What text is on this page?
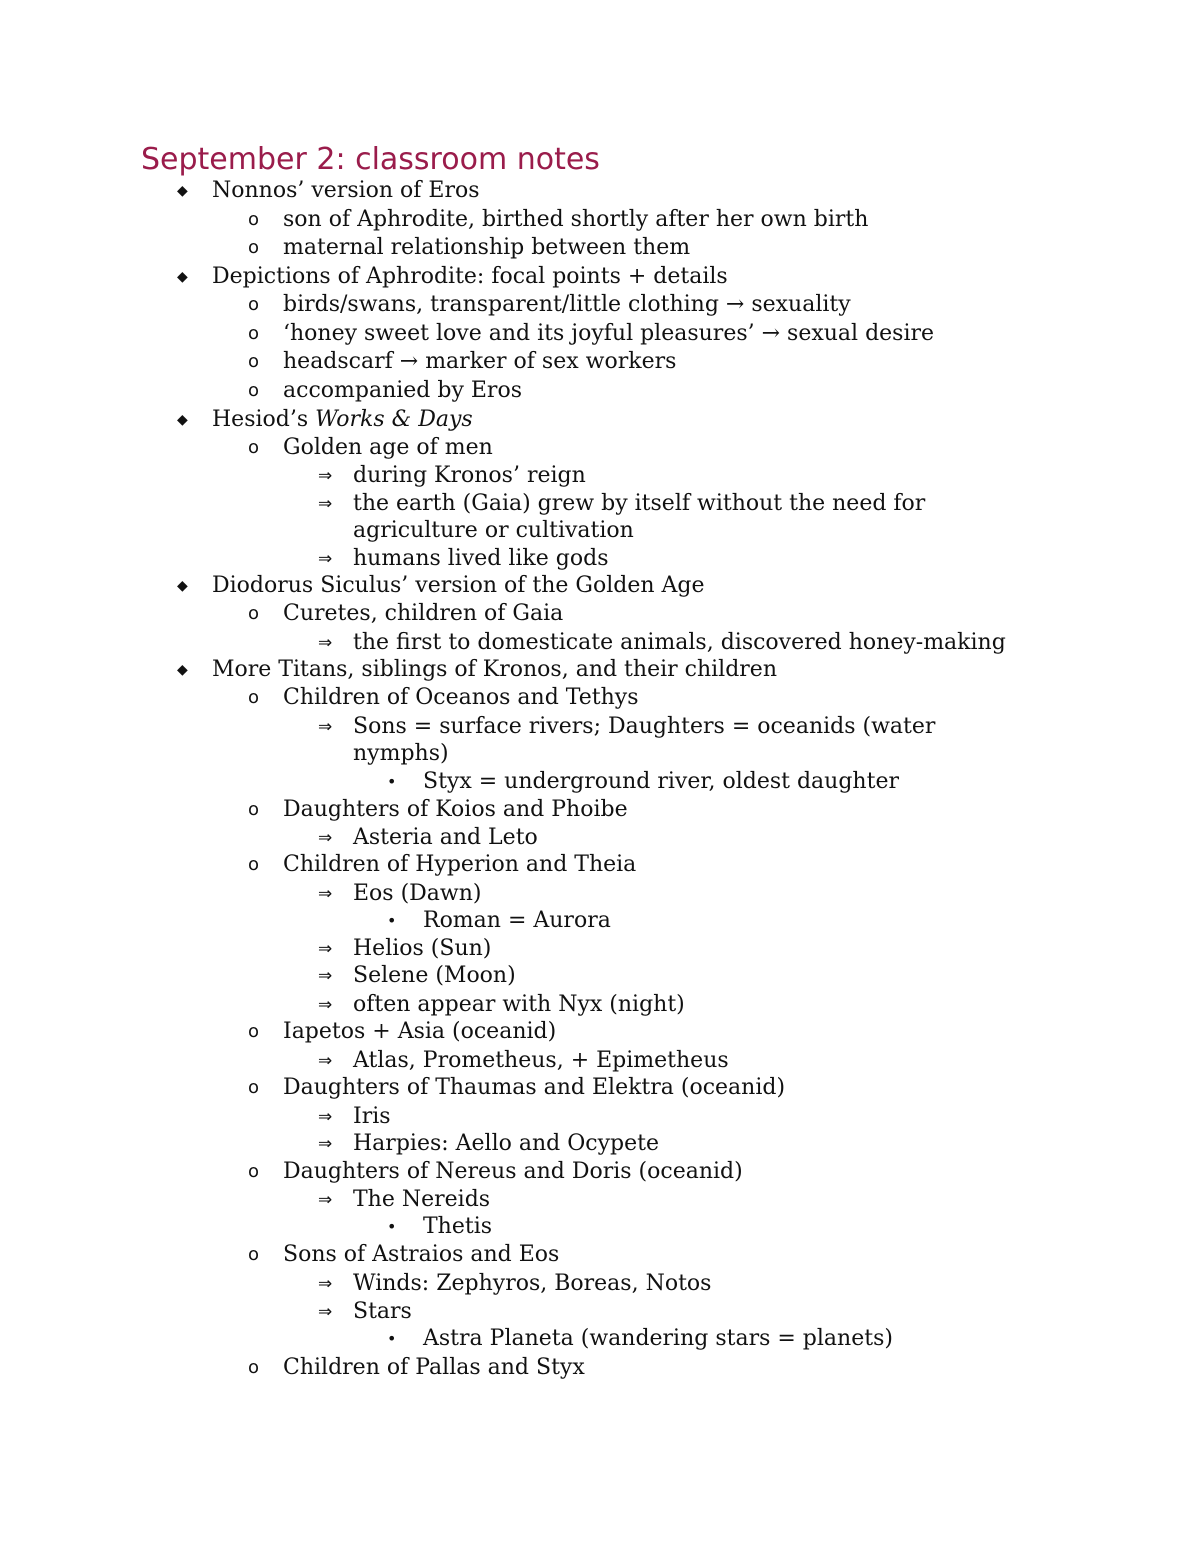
September 2: classroom notes
◆ Nonnos’ version of Eros
o son of Aphrodite, birthed shortly after her own birth
o maternal relationship between them
◆ Depictions of Aphrodite: focal points + details
o birds/swans, transparent/little clothing → sexuality
o ‘honey sweet love and its joyful pleasures’ → sexual desire
o headscarf → marker of sex workers
o accompanied by Eros
◆ Hesiod’s Works & Days
o Golden age of men
⇒ during Kronos’ reign
⇒ the earth (Gaia) grew by itself without the need for
agriculture or cultivation
⇒ humans lived like gods
◆ Diodorus Siculus’ version of the Golden Age
o Curetes, children of Gaia
⇒ the first to domesticate animals, discovered honey-making
◆ More Titans, siblings of Kronos, and their children
o Children of Oceanos and Tethys
⇒ Sons = surface rivers; Daughters = oceanids (water
nymphs)
• Styx = underground river, oldest daughter
o Daughters of Koios and Phoibe
⇒ Asteria and Leto
o Children of Hyperion and Theia
⇒ Eos (Dawn)
• Roman = Aurora
⇒ Helios (Sun)
⇒ Selene (Moon)
⇒ often appear with Nyx (night)
o Iapetos + Asia (oceanid)
⇒ Atlas, Prometheus, + Epimetheus
o Daughters of Thaumas and Elektra (oceanid)
⇒ Iris
⇒ Harpies: Aello and Ocypete
o Daughters of Nereus and Doris (oceanid)
⇒ The Nereids
• Thetis
o Sons of Astraios and Eos
⇒ Winds: Zephyros, Boreas, Notos
⇒ Stars
• Astra Planeta (wandering stars = planets)
o Children of Pallas and Styx
